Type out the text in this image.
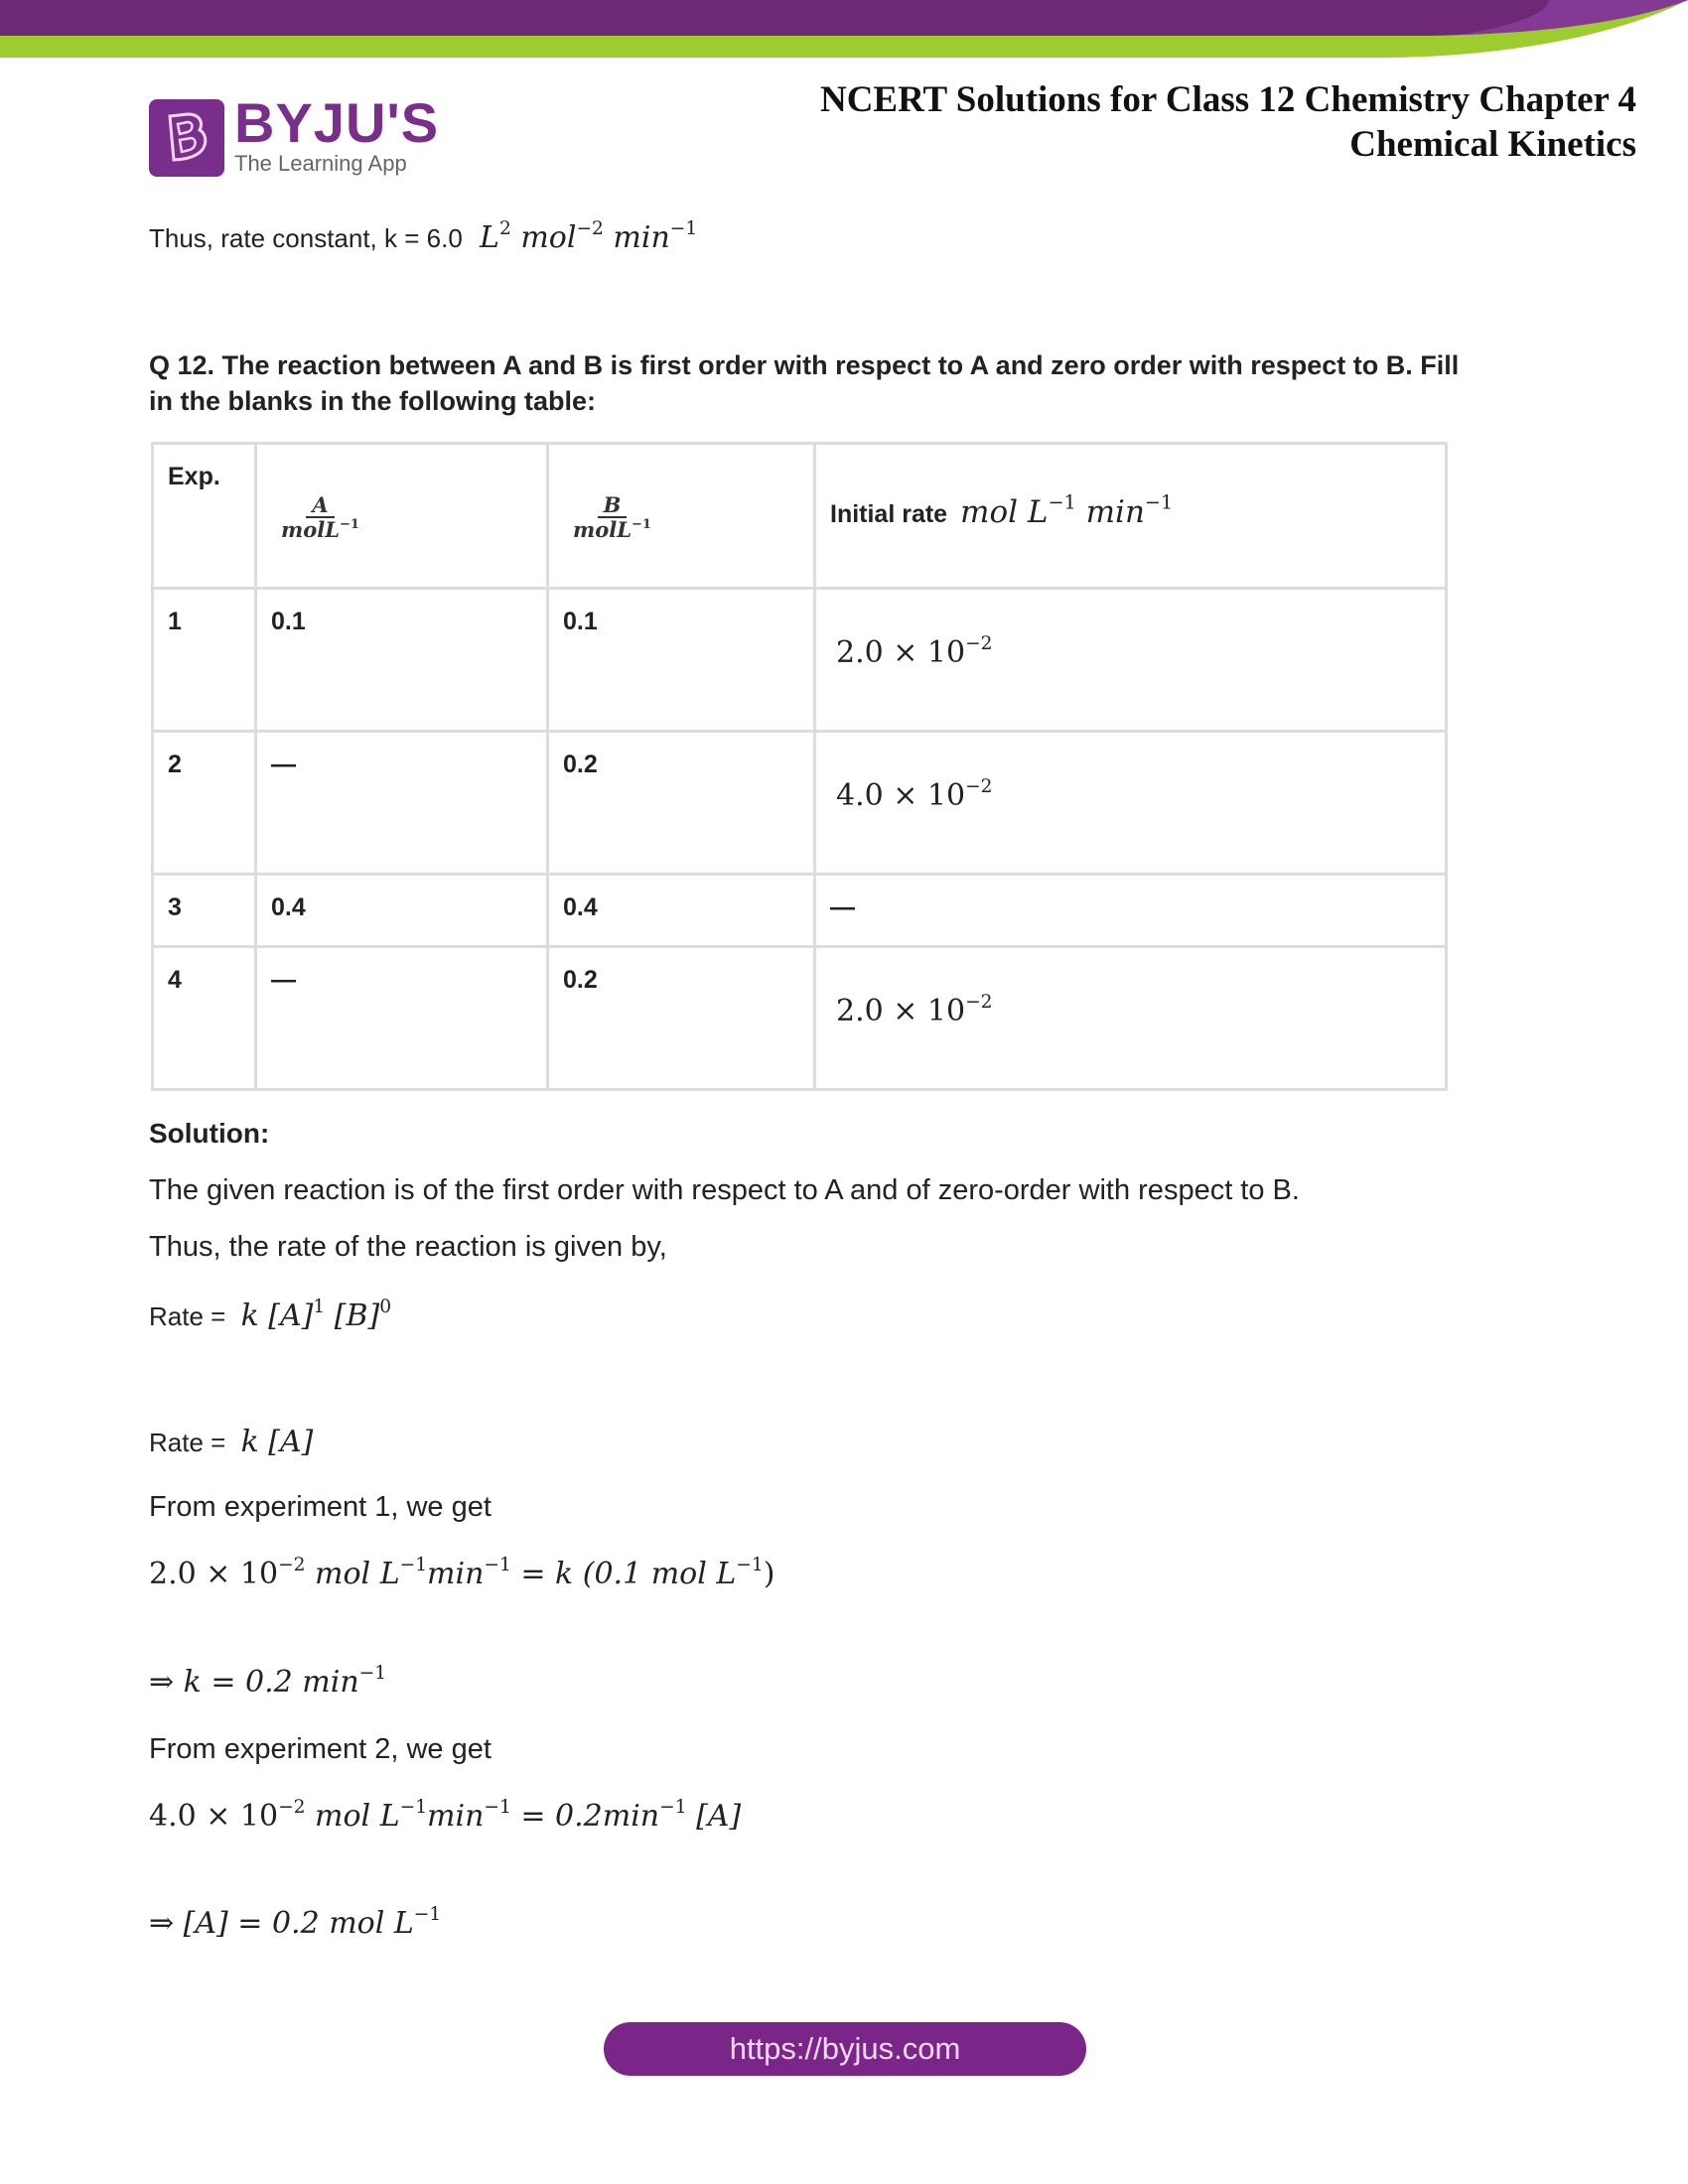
BYJU'S
The Learning App
NCERT Solutions for Class 12 Chemistry Chapter 4
Chemical Kinetics
Thus, rate constant, k = 6.0 $L^2$ mol$^{-2}$ $\min^{-1}$
Q 12. The reaction between A and B is first order with respect to A and zero order with respect to B. Fill in the blanks in the following table:
Exp.	$\frac{A}{molL^{-1}}$	$\frac{B}{molL^{-1}}$	Initial rate mol $L^{-1}$ $\min^{-1}$

1	0.1	0.1	$2.0 \times 10^{-2}$

2	—	0.2	$4.0 \times 10^{-2}$

3	0.4	0.4	—

4	—	0.2	$2.0 \times 10^{-2}$
Solution:
The given reaction is of the first order with respect to A and of zero-order with respect to B.
Thus, the rate of the reaction is given by,
Rate = k $[A]^1$ $[B]^0$
Rate = k [A]
From experiment 1, we get
$2.0 \times 10^{-2}$ mol $L^{-1}\min^{-1} = k$ (0.1 mol $L^{-1}$)
⇒ k = 0.2 $\min^{-1}$
From experiment 2, we get
$4.0 \times 10^{-2}$ mol $L^{-1}\min^{-1} = 0.2\min^{-1}$ [A]
⇒ [A] = 0.2 mol $L^{-1}$
https://byjus.com
